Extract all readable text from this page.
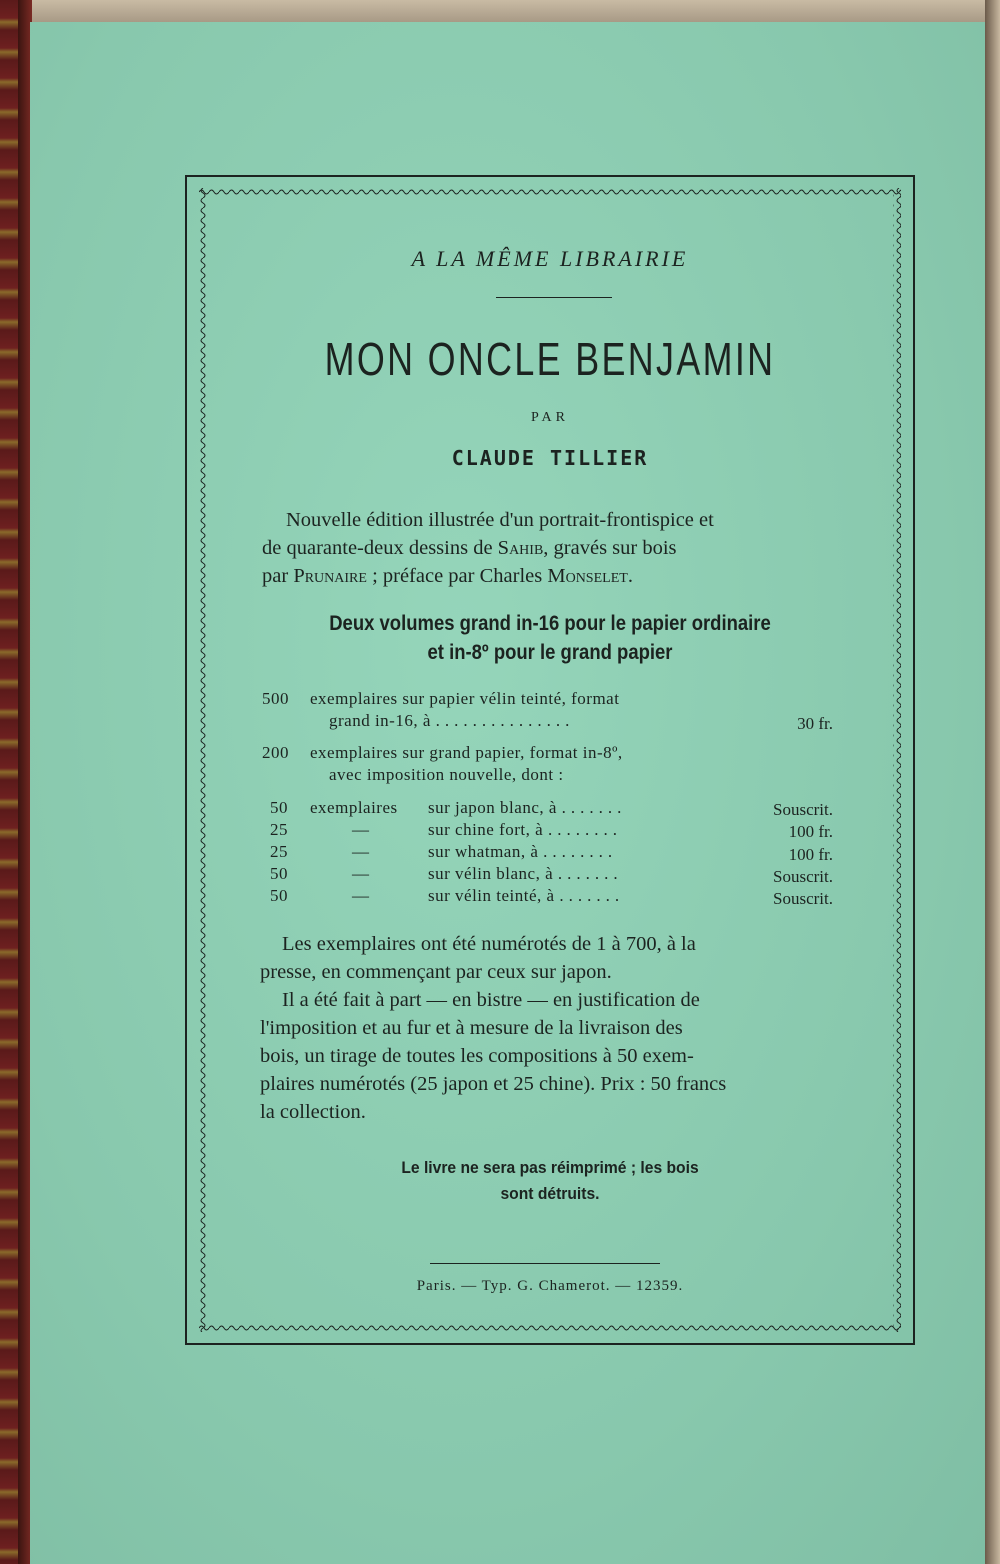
A LA MÊME LIBRAIRIE
MON ONCLE BENJAMIN
PAR
CLAUDE TILLIER
Nouvelle édition illustrée d'un portrait-frontispice et
de quarante-deux dessins de Sahib, gravés sur bois
par Prunaire ; préface par Charles Monselet.
Deux volumes grand in-16 pour le papier ordinaire
et in-8º pour le grand papier
500 exemplaires sur papier vélin teinté, format
grand in-16, à ...............	30 fr.
200 exemplaires sur grand papier, format in-8º,
avec imposition nouvelle, dont :
50 exemplaires sur japon blanc, à .......	Souscrit.
25	—	sur chine fort, à ........	100 fr.
25	—	sur whatman, à ........	100 fr.
50	—	sur vélin blanc, à .......	Souscrit.
50	—	sur vélin teinté, à .......	Souscrit.
Les exemplaires ont été numérotés de 1 à 700, à la
presse, en commençant par ceux sur japon.
Il a été fait à part — en bistre — en justification de
l'imposition et au fur et à mesure de la livraison des
bois, un tirage de toutes les compositions à 50 exem-
plaires numérotés (25 japon et 25 chine). Prix : 50 francs
la collection.
Le livre ne sera pas réimprimé ; les bois
sont détruits.
Paris. — Typ. G. Chamerot. — 12359.
